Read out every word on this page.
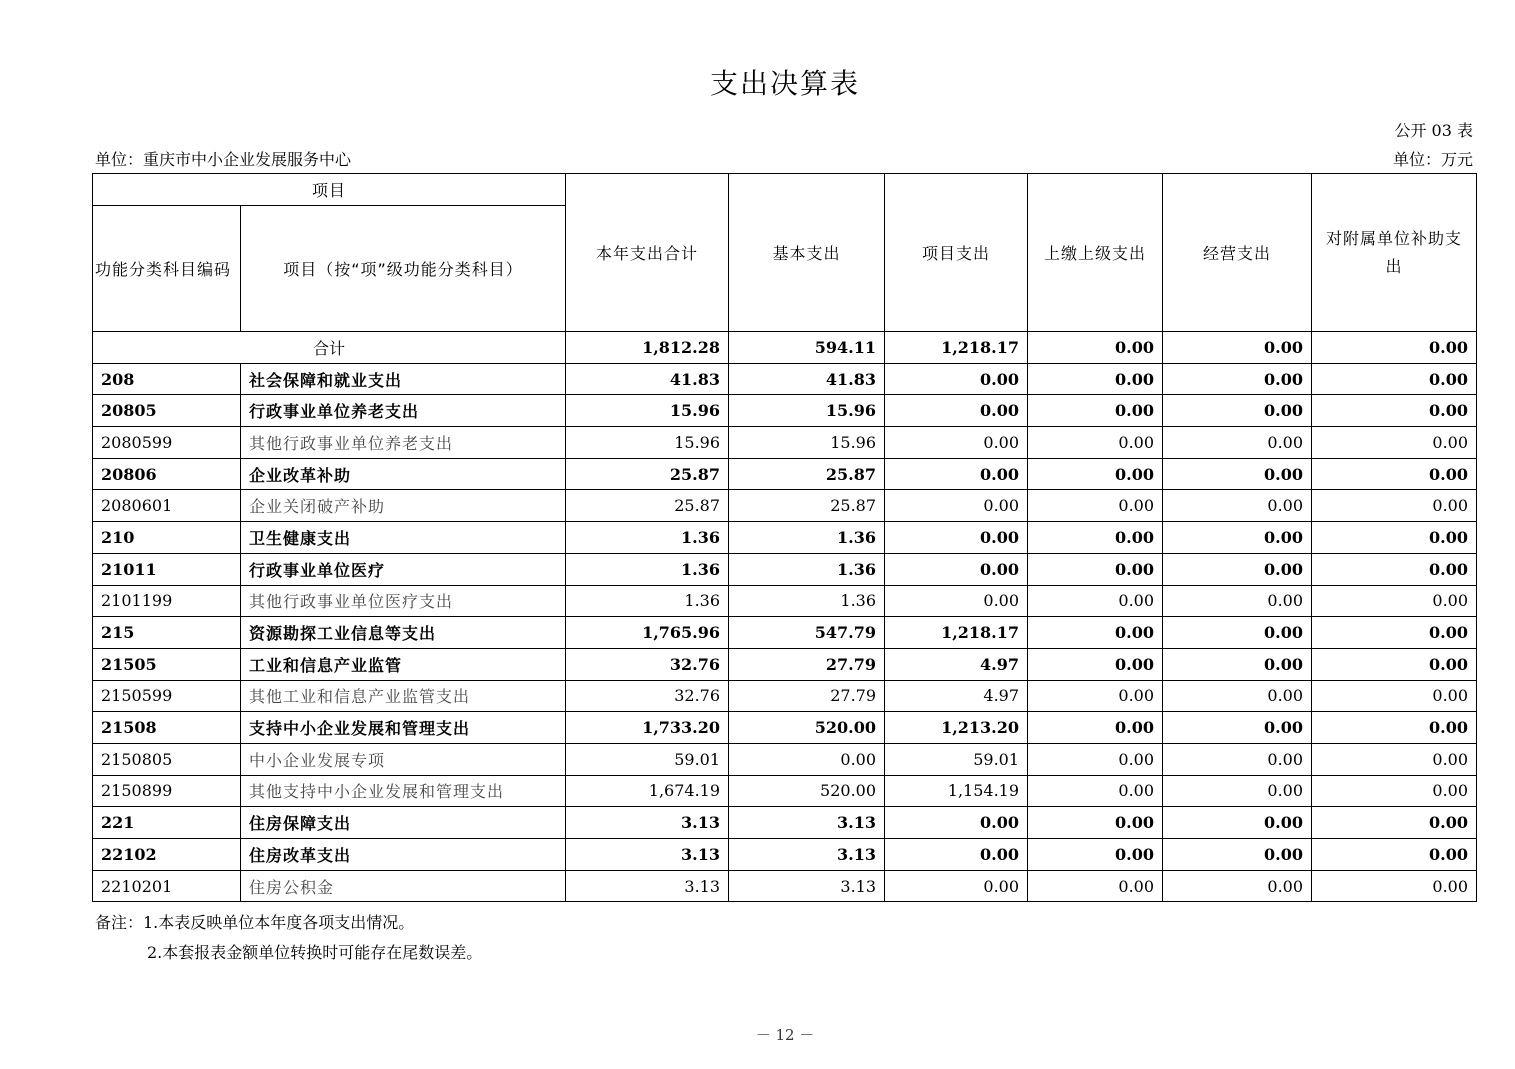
支出决算表
公开 03 表
单位：重庆市中小企业发展服务中心	单位：万元
项目		本年支出合计	基本支出	项目支出	上缴上级支出	经营支出	对附属单位补助支出
功能分类科目编码	项目（按“项”级功能分类科目）						
合计		1,812.28	594.11	1,218.17	0.00	0.00	0.00
208	社会保障和就业支出	41.83	41.83	0.00	0.00	0.00	0.00
20805	行政事业单位养老支出	15.96	15.96	0.00	0.00	0.00	0.00
2080599	其他行政事业单位养老支出	15.96	15.96	0.00	0.00	0.00	0.00
20806	企业改革补助	25.87	25.87	0.00	0.00	0.00	0.00
2080601	企业关闭破产补助	25.87	25.87	0.00	0.00	0.00	0.00
210	卫生健康支出	1.36	1.36	0.00	0.00	0.00	0.00
21011	行政事业单位医疗	1.36	1.36	0.00	0.00	0.00	0.00
2101199	其他行政事业单位医疗支出	1.36	1.36	0.00	0.00	0.00	0.00
215	资源勘探工业信息等支出	1,765.96	547.79	1,218.17	0.00	0.00	0.00
21505	工业和信息产业监管	32.76	27.79	4.97	0.00	0.00	0.00
2150599	其他工业和信息产业监管支出	32.76	27.79	4.97	0.00	0.00	0.00
21508	支持中小企业发展和管理支出	1,733.20	520.00	1,213.20	0.00	0.00	0.00
2150805	中小企业发展专项	59.01	0.00	59.01	0.00	0.00	0.00
2150899	其他支持中小企业发展和管理支出	1,674.19	520.00	1,154.19	0.00	0.00	0.00
221	住房保障支出	3.13	3.13	0.00	0.00	0.00	0.00
22102	住房改革支出	3.13	3.13	0.00	0.00	0.00	0.00
2210201	住房公积金	3.13	3.13	0.00	0.00	0.00	0.00
备注：1.本表反映单位本年度各项支出情况。
2.本套报表金额单位转换时可能存在尾数误差。
－ 12 －
